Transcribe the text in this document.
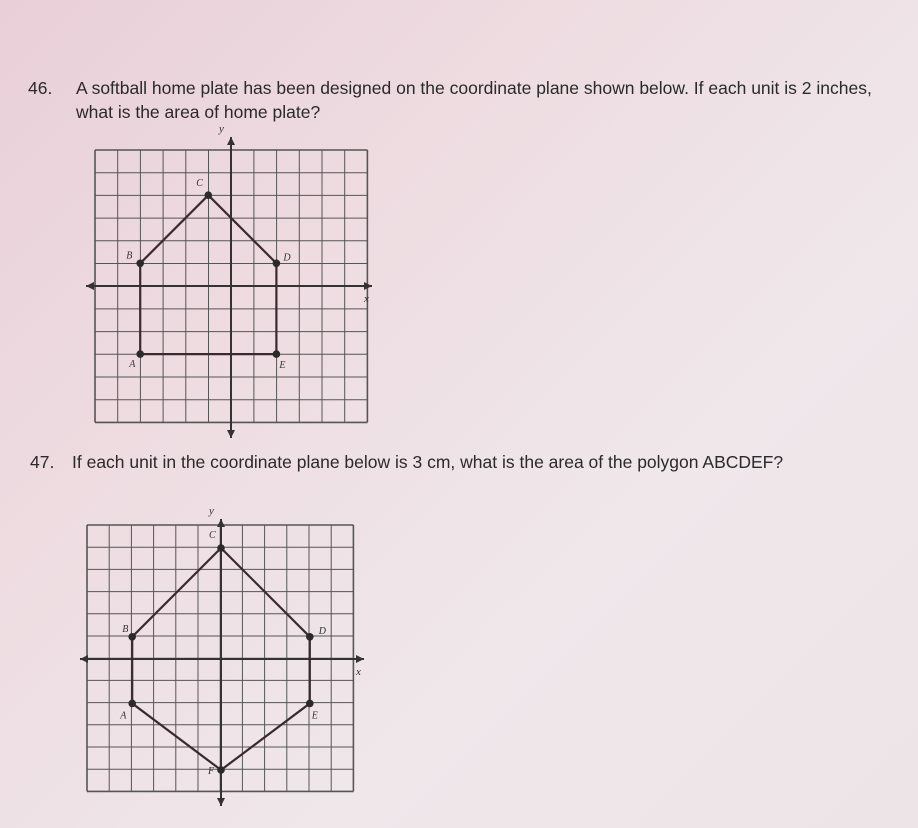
46. A softball home plate has been designed on the coordinate plane shown below. If each unit is 2 inches, what is the area of home plate?
x
y
A
B
C
D
E
47. If each unit in the coordinate plane below is 3 cm, what is the area of the polygon ABCDEF?
x
y
A
B
C
D
E
F
